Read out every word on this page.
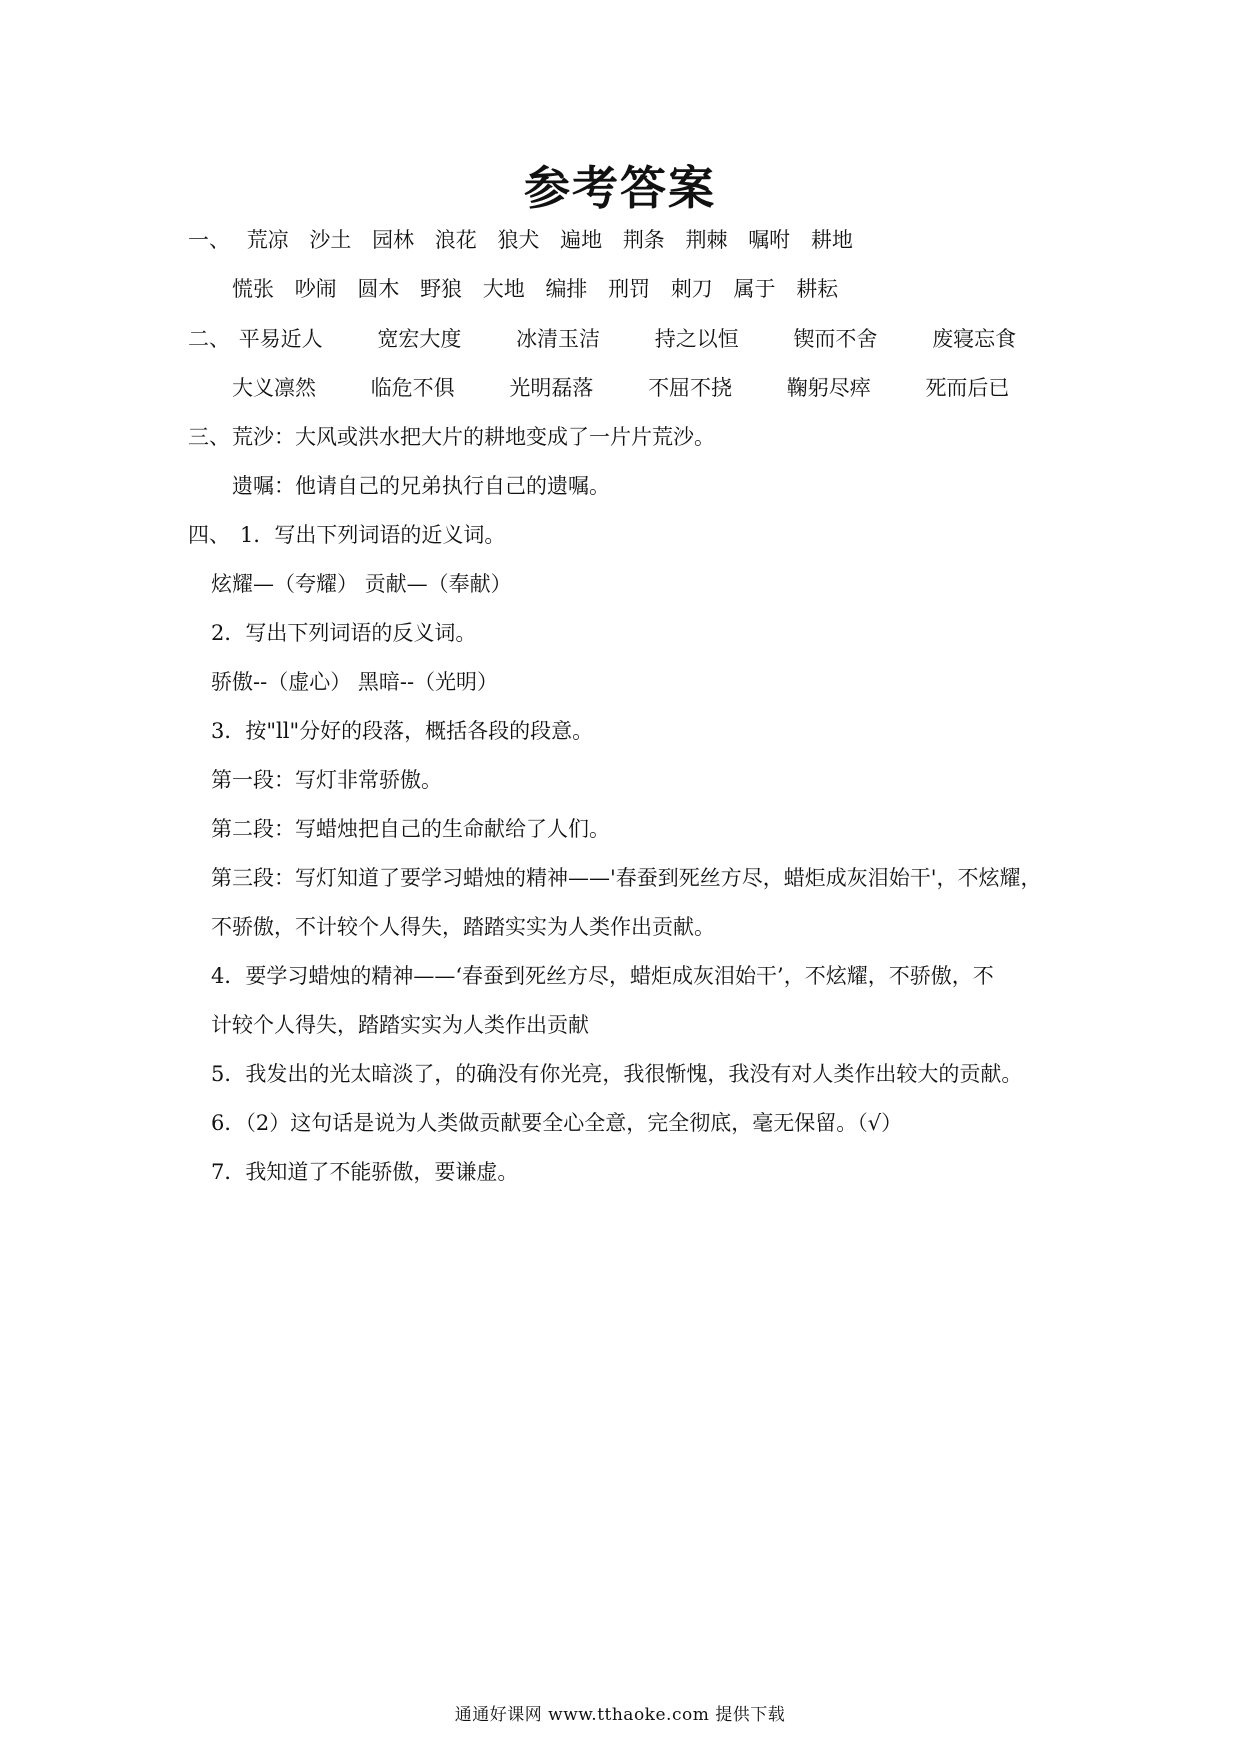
参考答案
一、 荒凉 沙土 园林 浪花 狼犬 遍地 荆条 荆棘 嘱咐 耕地
慌张 吵闹 圆木 野狼 大地 编排 刑罚 刺刀 属于 耕耘
二、 平易近人	宽宏大度	冰清玉洁	持之以恒	锲而不舍	废寝忘食
大义凛然	临危不俱	光明磊落	不屈不挠	鞠躬尽瘁	死而后已
三、荒沙：大风或洪水把大片的耕地变成了一片片荒沙。
遗嘱：他请自己的兄弟执行自己的遗嘱。
四、 1．写出下列词语的近义词。
炫耀—（夸耀） 贡献—（奉献）
2．写出下列词语的反义词。
骄傲--（虚心） 黑暗--（光明）
3．按"ll"分好的段落，概括各段的段意。
第一段：写灯非常骄傲。
第二段：写蜡烛把自己的生命献给了人们。
第三段：写灯知道了要学习蜡烛的精神——'春蚕到死丝方尽，蜡炬成灰泪始干'，不炫耀，
不骄傲，不计较个人得失，踏踏实实为人类作出贡献。
4．要学习蜡烛的精神——‘春蚕到死丝方尽，蜡炬成灰泪始干’，不炫耀，不骄傲，不
计较个人得失，踏踏实实为人类作出贡献
5．我发出的光太暗淡了，的确没有你光亮，我很惭愧，我没有对人类作出较大的贡献。
6．（2）这句话是说为人类做贡献要全心全意，完全彻底，毫无保留。（√）
7．我知道了不能骄傲，要谦虚。
通通好课网 www.tthaoke.com 提供下载
